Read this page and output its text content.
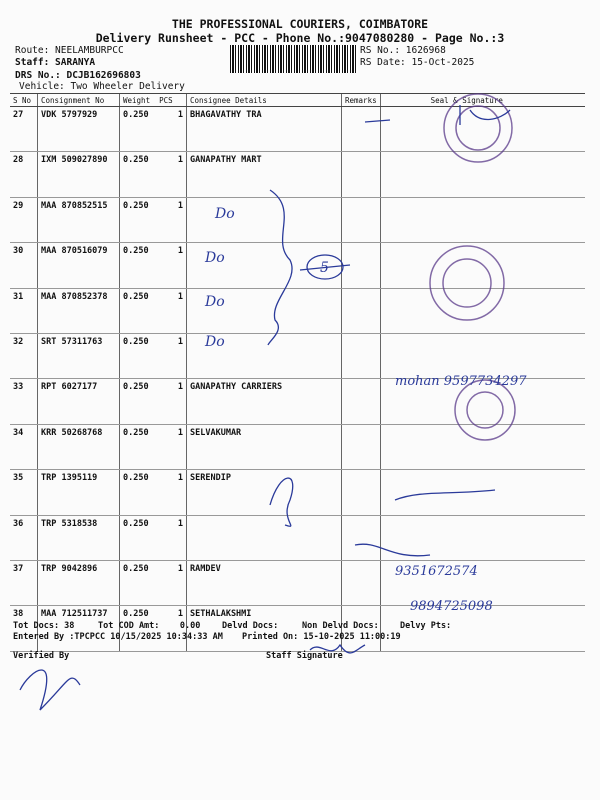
THE PROFESSIONAL COURIERS, COIMBATORE
Delivery Runsheet - PCC - Phone No.:9047080280 - Page No.:3
Route: NEELAMBURPCC
Staff: SARANYA
DRS No.: DCJB162696803
Vehicle: Two Wheeler Delivery
RS No.: 1626968
RS Date: 15-Oct-2025
S No	Consignment No	Weight  PCS	Consignee Details	Remarks	Seal & Signature
27	VDK 5797929	0.250 1	BHAGAVATHY TRA		
28	IXM 509027890	0.250 1	GANAPATHY MART		
29	MAA 870852515	0.250 1			

30	MAA 870516079	0.250 1			

31	MAA 870852378	0.250 1			

32	SRT 57311763	0.250 1			

33	RPT 6027177	0.250 1	GANAPATHY CARRIERS		
34	KRR 50268768	0.250 1	SELVAKUMAR		
35	TRP 1395119	0.250 1	SERENDIP		
36	TRP 5318538	0.250 1			

37	TRP 9042896	0.250 1	RAMDEV		
38	MAA 712511737	0.250 1	SETHALAKSHMI		
Do
Do
Do
Do
5
mohan 9597734297
9351672574
9894725098
Tot Docs: 38	Tot COD Amt:    0.00	Delvd Docs:	Non Delvd Docs: Delvy Pts:
Entered By :TPCPCC 10/15/2025 10:34:33 AM Printed On: 15-10-2025 11:00:19
Verified By	Staff Signature
